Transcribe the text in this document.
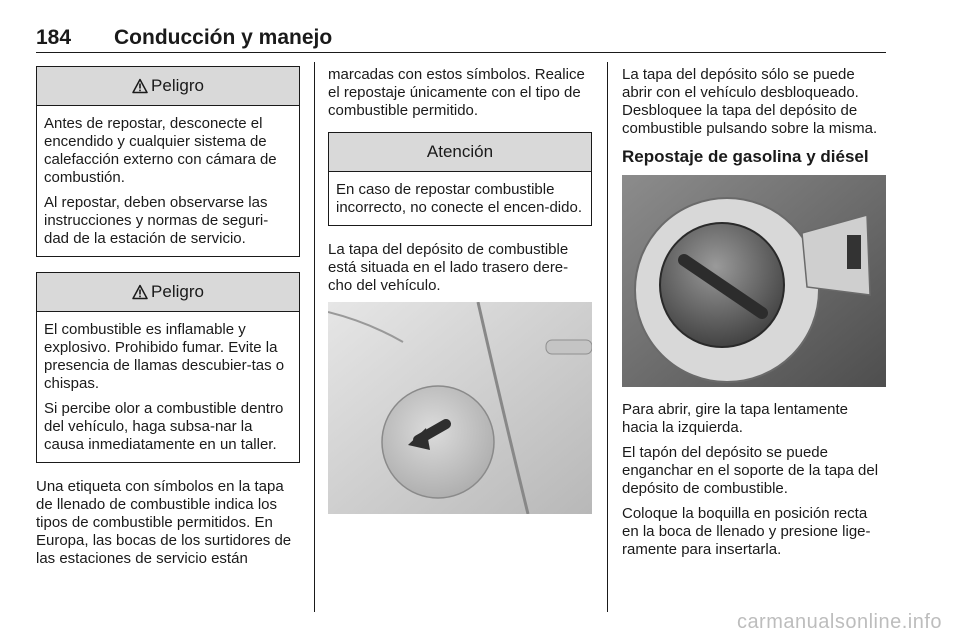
184 Conducción y manejo
Peligro

Antes de repostar, desconecte el encendido y cualquier sistema de calefacción externo con cámara de combustión.

Al repostar, deben observarse las instrucciones y normas de seguri-dad de la estación de servicio.

Peligro

El combustible es inflamable y explosivo. Prohibido fumar. Evite la presencia de llamas descubier-tas o chispas.

Si percibe olor a combustible dentro del vehículo, haga subsa-nar la causa inmediatamente en un taller.

Una etiqueta con símbolos en la tapa de llenado de combustible indica los tipos de combustible permitidos. En Europa, las bocas de los surtidores de las estaciones de servicio están

marcadas con estos símbolos. Realice el repostaje únicamente con el tipo de combustible permitido.

Atención

En caso de repostar combustible incorrecto, no conecte el encen-dido.

La tapa del depósito de combustible está situada en el lado trasero dere-cho del vehículo.

La tapa del depósito sólo se puede abrir con el vehículo desbloqueado. Desbloquee la tapa del depósito de combustible pulsando sobre la misma.

Repostaje de gasolina y diésel

Para abrir, gire la tapa lentamente hacia la izquierda.

El tapón del depósito se puede enganchar en el soporte de la tapa del depósito de combustible.

Coloque la boquilla en posición recta en la boca de llenado y presione lige-ramente para insertarla.

carmanualsonline.info
